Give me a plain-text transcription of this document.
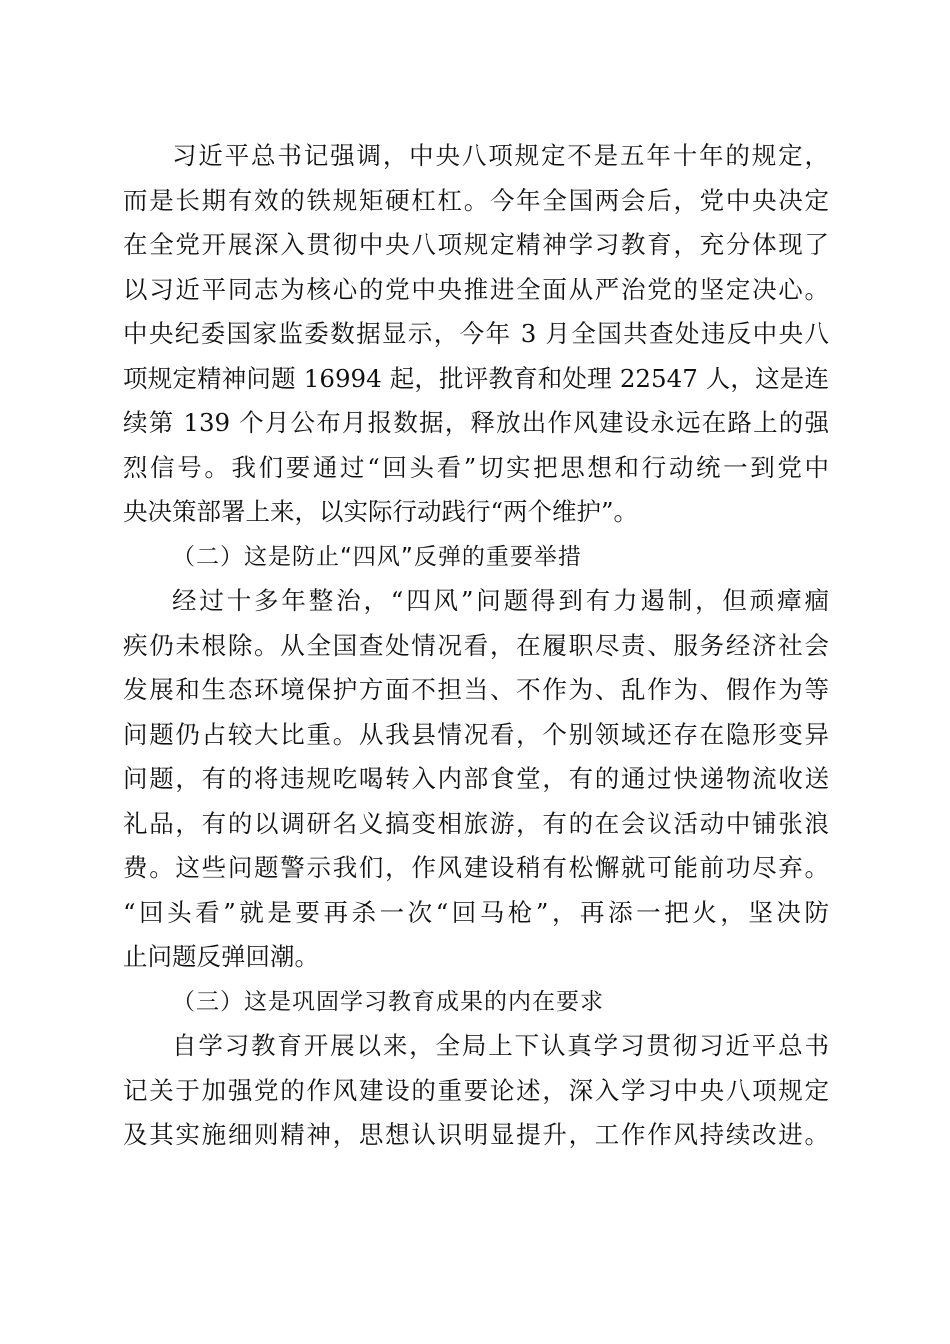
习近平总书记强调，中央八项规定不是五年十年的规定，
而是长期有效的铁规矩硬杠杠。今年全国两会后，党中央决定
在全党开展深入贯彻中央八项规定精神学习教育，充分体现了
以习近平同志为核心的党中央推进全面从严治党的坚定决心。
中央纪委国家监委数据显示，今年 3 月全国共查处违反中央八
项规定精神问题 16994 起，批评教育和处理 22547 人，这是连
续第 139 个月公布月报数据，释放出作风建设永远在路上的强
烈信号。我们要通过“回头看”切实把思想和行动统一到党中
央决策部署上来，以实际行动践行“两个维护”。
（二）这是防止“四风”反弹的重要举措
经过十多年整治，“四风”问题得到有力遏制，但顽瘴痼
疾仍未根除。从全国查处情况看，在履职尽责、服务经济社会
发展和生态环境保护方面不担当、不作为、乱作为、假作为等
问题仍占较大比重。从我县情况看，个别领域还存在隐形变异
问题，有的将违规吃喝转入内部食堂，有的通过快递物流收送
礼品，有的以调研名义搞变相旅游，有的在会议活动中铺张浪
费。这些问题警示我们，作风建设稍有松懈就可能前功尽弃。
“回头看”就是要再杀一次“回马枪”，再添一把火，坚决防
止问题反弹回潮。
（三）这是巩固学习教育成果的内在要求
自学习教育开展以来，全局上下认真学习贯彻习近平总书
记关于加强党的作风建设的重要论述，深入学习中央八项规定
及其实施细则精神，思想认识明显提升，工作作风持续改进。
